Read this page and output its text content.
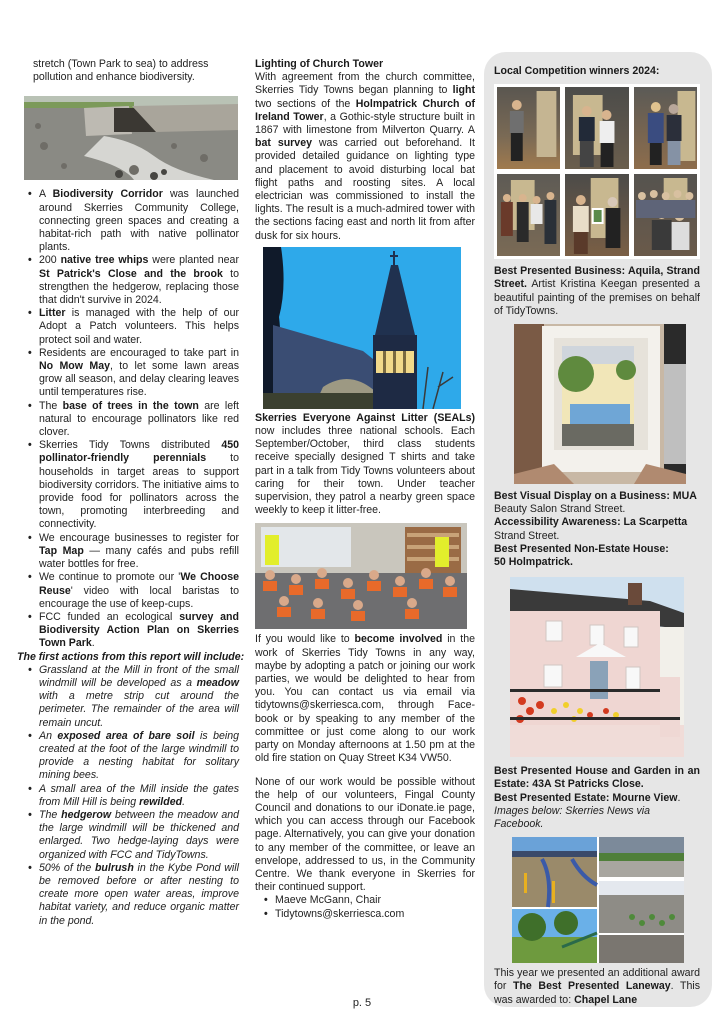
stretch (Town Park to sea) to address pollution and enhance biodiversity.

• A Biodiversity Corridor was launched around Skerries Community College, connecting green spaces and creating a habitat-rich path with native pollinator plants.
• 200 native tree whips were planted near St Patrick's Close and the brook to strengthen the hedgerow, replacing those that didn't survive in 2024.
• Litter is managed with the help of our Adopt a Patch volunteers. This helps protect soil and water.
• Residents are encouraged to take part in No Mow May, to let some lawn areas grow all season, and delay clearing leaves until temperatures rise.
• The base of trees in the town are left natural to encourage pollinators like red clover.
• Skerries Tidy Towns distributed 450 pollinator-friendly perennials to households in target areas to support biodiversity corridors. The initiative aims to provide food for pollinators across the town, promoting interbreeding and connectivity.
• We encourage businesses to register for Tap Map — many cafés and pubs refill water bottles for free.
• We continue to promote our 'We Choose Reuse' video with local baristas to encourage the use of keep-cups.
• FCC funded an ecological survey and Biodiversity Action Plan on Skerries Town Park.

The first actions from this report will include:

• Grassland at the Mill in front of the small windmill will be developed as a meadow with a metre strip cut around the perimeter. The remainder of the area will remain uncut.
• An exposed area of bare soil is being created at the foot of the large windmill to provide a nesting habitat for solitary mining bees.
• A small area of the Mill inside the gates from Mill Hill is being rewilded.
• The hedgerow between the meadow and the large windmill will be thickened and enlarged. Two hedge-laying days were organized with FCC and TidyTowns.
• 50% of the bulrush in the Kybe Pond will be removed before or after nesting to create more open water areas, improve habitat variety, and reduce organic matter in the pond.

Lighting of Church Tower

With agreement from the church committee, Skerries Tidy Towns began planning to light two sections of the Holmpatrick Church of Ireland Tower, a Gothic-style structure built in 1867 with limestone from Milverton Quarry. A bat survey was carried out beforehand. It provided detailed guidance on lighting type and placement to avoid disturbing local bat flight paths and roosting sites. A local electrician was commissioned to install the lights. The result is a much-admired tower with the sections facing east and north lit from after dusk for six hours.

Skerries Everyone Against Litter (SEALs) now includes three national schools. Each September/October, third class students receive specially designed T shirts and take part in a talk from Tidy Towns volunteers about caring for their town. Under teacher supervision, they patrol a nearby green space weekly to keep it litter-free.

If you would like to become involved in the work of Skerries Tidy Towns in any way, maybe by adopting a patch or joining our work parties, we would be delighted to hear from you. You can contact us via email via tidytowns@skerriesca.com, through Face-book or by speaking to any member of the committee or just come along to our work party on Monday afternoons at 1.50 pm at the old fire station on Quay Street K34 VW50.

None of our work would be possible without the help of our volunteers, Fingal County Council and donations to our iDonate.ie page, which you can access through our Facebook page. Alternatively, you can give your donation to any member of the committee, or leave an envelope, addressed to us, in the Community Centre. We thank everyone in Skerries for their continued support.

• Maeve McGann, Chair
• Tidytowns@skerriesca.com

Local Competition winners 2024:

Best Presented Business: Aquila, Strand Street. Artist Kristina Keegan presented a beautiful painting of the premises on behalf of TidyTowns.

Best Visual Display on a Business: MUA
Beauty Salon Strand Street.

Accessibility Awareness: La Scarpetta
Strand Street.

Best Presented Non-Estate House:
50 Holmpatrick.

Best Presented House and Garden in an Estate: 43A St Patricks Close.

Best Presented Estate: Mourne View.

Images below: Skerries News via Facebook.

This year we presented an additional award for The Best Presented Laneway. This was awarded to: Chapel Lane

p. 5
